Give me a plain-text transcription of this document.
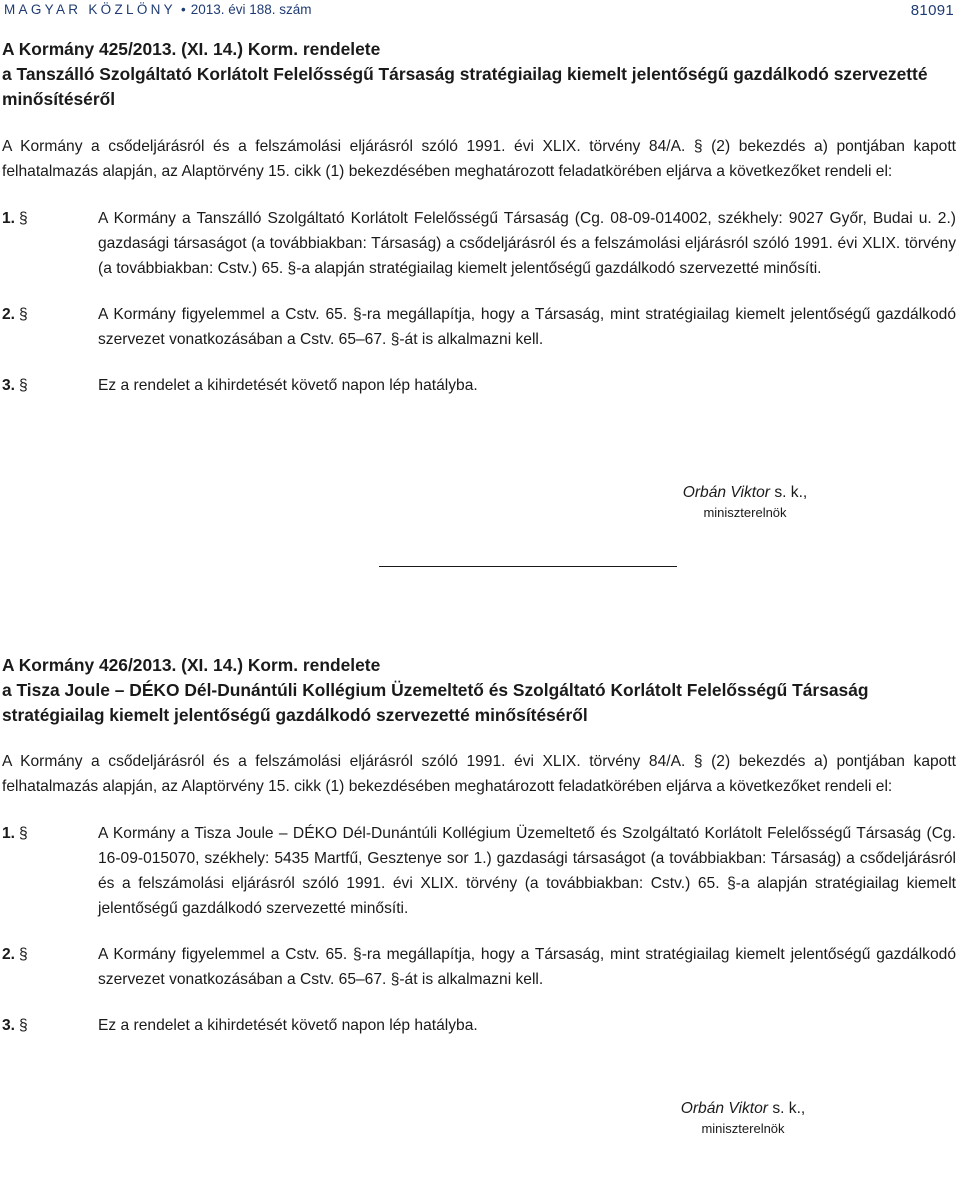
MAGYAR KÖZLÖNY • 2013. évi 188. szám	81091
A Kormány 425/2013. (XI. 14.) Korm. rendelete
a Tanszálló Szolgáltató Korlátolt Felelősségű Társaság stratégiailag kiemelt jelentőségű gazdálkodó szervezetté minősítéséről

A Kormány a csődeljárásról és a felszámolási eljárásról szóló 1991. évi XLIX. törvény 84/A. § (2) bekezdés a) pontjában kapott felhatalmazás alapján, az Alaptörvény 15. cikk (1) bekezdésében meghatározott feladatkörében eljárva a következőket rendeli el:

1. §	A Kormány a Tanszálló Szolgáltató Korlátolt Felelősségű Társaság (Cg. 08-09-014002, székhely: 9027 Győr, Budai u. 2.) gazdasági társaságot (a továbbiakban: Társaság) a csődeljárásról és a felszámolási eljárásról szóló 1991. évi XLIX. törvény (a továbbiakban: Cstv.) 65. §-a alapján stratégiailag kiemelt jelentőségű gazdálkodó szervezetté minősíti.

2. §	A Kormány figyelemmel a Cstv. 65. §-ra megállapítja, hogy a Társaság, mint stratégiailag kiemelt jelentőségű gazdálkodó szervezet vonatkozásában a Cstv. 65–67. §-át is alkalmazni kell.

3. §	Ez a rendelet a kihirdetését követő napon lép hatályba.

Orbán Viktor s. k.,
miniszterelnök
A Kormány 426/2013. (XI. 14.) Korm. rendelete
a Tisza Joule – DÉKO Dél-Dunántúli Kollégium Üzemeltető és Szolgáltató Korlátolt Felelősségű Társaság stratégiailag kiemelt jelentőségű gazdálkodó szervezetté minősítéséről

A Kormány a csődeljárásról és a felszámolási eljárásról szóló 1991. évi XLIX. törvény 84/A. § (2) bekezdés a) pontjában kapott felhatalmazás alapján, az Alaptörvény 15. cikk (1) bekezdésében meghatározott feladatkörében eljárva a következőket rendeli el:

1. §	A Kormány a Tisza Joule – DÉKO Dél-Dunántúli Kollégium Üzemeltető és Szolgáltató Korlátolt Felelősségű Társaság (Cg. 16-09-015070, székhely: 5435 Martfű, Gesztenye sor 1.) gazdasági társaságot (a továbbiakban: Társaság) a csődeljárásról és a felszámolási eljárásról szóló 1991. évi XLIX. törvény (a továbbiakban: Cstv.) 65. §-a alapján stratégiailag kiemelt jelentőségű gazdálkodó szervezetté minősíti.

2. §	A Kormány figyelemmel a Cstv. 65. §-ra megállapítja, hogy a Társaság, mint stratégiailag kiemelt jelentőségű gazdálkodó szervezet vonatkozásában a Cstv. 65–67. §-át is alkalmazni kell.

3. §	Ez a rendelet a kihirdetését követő napon lép hatályba.

Orbán Viktor s. k.,
miniszterelnök
